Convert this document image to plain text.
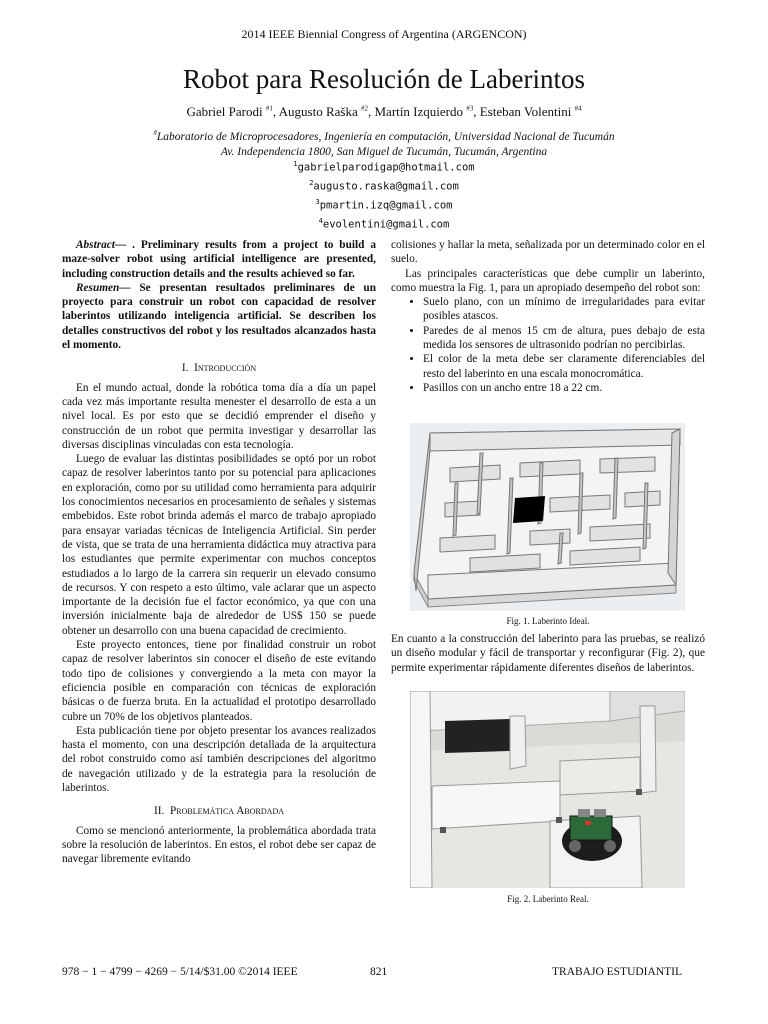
2014 IEEE Biennial Congress of Argentina (ARGENCON)
Robot para Resolución de Laberintos
Gabriel Parodi $^{\#1}$, Augusto Raška $^{\#2}$, Martín Izquierdo $^{\#3}$, Esteban Volentini $^{\#4}$
#Laboratorio de Microprocesadores, Ingeniería en computación, Universidad Nacional de Tucumán
Av. Independencia 1800, San Miguel de Tucumán, Tucumán, Argentina
$^1$gabrielparodigap@hotmail.com
$^2$augusto.raska@gmail.com
$^3$pmartin.izq@gmail.com
$^4$evolentini@gmail.com

Abstract— . Preliminary results from a project to build a maze-solver robot using artificial intelligence are presented, including construction details and the results achieved so far.

Resumen— Se presentan resultados preliminares de un proyecto para construir un robot con capacidad de resolver laberintos utilizando inteligencia artificial. Se describen los detalles constructivos del robot y los resultados alcanzados hasta el momento.

I. Introducción

En el mundo actual, donde la robótica toma día a día un papel cada vez más importante resulta menester el desarrollo de esta a un nivel local. Es por esto que se decidió emprender el diseño y construcción de un robot que permita investigar y desarrollar las diversas disciplinas vinculadas con esta tecnología.

Luego de evaluar las distintas posibilidades se optó por un robot capaz de resolver laberintos tanto por su potencial para aplicaciones en exploración, como por su utilidad como herramienta para adquirir los conocimientos necesarios en procesamiento de señales y sistemas embebidos. Este robot brinda además el marco de trabajo apropiado para ensayar variadas técnicas de Inteligencia Artificial. Sin perder de vista, que se trata de una herramienta didáctica muy atractiva para los estudiantes que permite experimentar con muchos conceptos estudiados a lo largo de la carrera sin requerir un elevado consumo de recursos. Y con respeto a esto último, vale aclarar que un aspecto importante de la decisión fue el factor económico, ya que con una inversión inicialmente baja de alrededor de US$ 150 se puede obtener un desarrollo con una buena capacidad de crecimiento.

Este proyecto entonces, tiene por finalidad construir un robot capaz de resolver laberintos sin conocer el diseño de este evitando todo tipo de colisiones y convergiendo a la meta con mayor la eficiencia posible en comparación con técnicas de exploración básicas o de fuerza bruta. En la actualidad el prototipo desarrollado cubre un 70% de los objetivos planteados.

Esta publicación tiene por objeto presentar los avances realizados hasta el momento, con una descripción detallada de la arquitectura del robot construido como así también descripciones del algoritmo de navegación utilizado y de la estrategia para la resolución de laberintos.

II. Problemática Abordada

Como se mencionó anteriormente, la problemática abordada trata sobre la resolución de laberintos. En estos, el robot debe ser capaz de navegar libremente evitando

colisiones y hallar la meta, señalizada por un determinado color en el suelo.

Las principales características que debe cumplir un laberinto, como muestra la Fig. 1, para un apropiado desempeño del robot son:

• Suelo plano, con un mínimo de irregularidades para evitar posibles atascos.
• Paredes de al menos 15 cm de altura, pues debajo de esta medida los sensores de ultrasonido podrían no percibirlas.
• El color de la meta debe ser claramente diferenciables del resto del laberinto en una escala monocromática.
• Pasillos con un ancho entre 18 a 22 cm.
Fig. 1. Laberinto Ideal.

En cuanto a la construcción del laberinto para las pruebas, se realizó un diseño modular y fácil de transportar y reconfigurar (Fig. 2), que permite experimentar rápidamente diferentes diseños de laberintos.

Fig. 2. Laberinto Real.
978 − 1 − 4799 − 4269 − 5/14/$31.00 ©2014 IEEE	821	TRABAJO ESTUDIANTIL
